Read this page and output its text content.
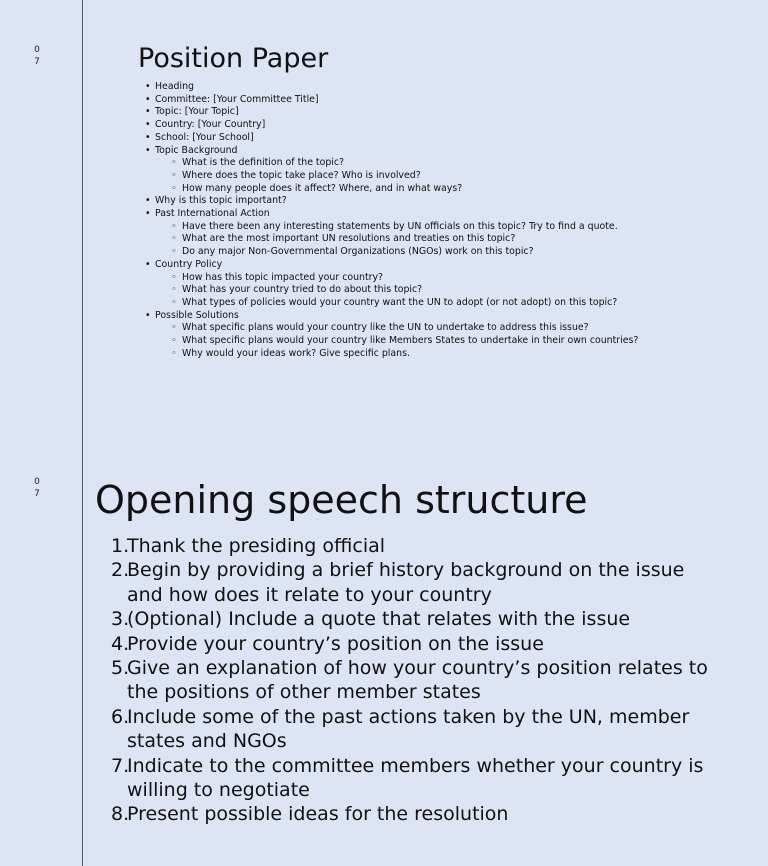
0
7	Position Paper
• Heading
• Committee: [Your Committee Title]
• Topic: [Your Topic]
• Country: [Your Country]
• School: [Your School]
• Topic Background
◦ What is the definition of the topic?
◦ Where does the topic take place? Who is involved?
◦ How many people does it affect? Where, and in what ways?
• Why is this topic important?
• Past International Action
◦ Have there been any interesting statements by UN officials on this topic? Try to find a quote.
◦ What are the most important UN resolutions and treaties on this topic?
◦ Do any major Non-Governmental Organizations (NGOs) work on this topic?
• Country Policy
◦ How has this topic impacted your country?
◦ What has your country tried to do about this topic?
◦ What types of policies would your country want the UN to adopt (or not adopt) on this topic?
• Possible Solutions
◦ What specific plans would your country like the UN to undertake to address this issue?
◦ What specific plans would your country like Members States to undertake in their own countries?
◦ Why would your ideas work? Give specific plans.
0
7 Opening speech structure
1.
Thank the presiding official
2.
Begin by providing a brief history background on the issue and how does it relate to your country
3.
(Optional) Include a quote that relates with the issue
4.
Provide your country’s position on the issue
5.
Give an explanation of how your country’s position relates to the positions of other member states
6.
Include some of the past actions taken by the UN, member states and NGOs
7.
Indicate to the committee members whether your country is willing to negotiate
8.
Present possible ideas for the resolution
